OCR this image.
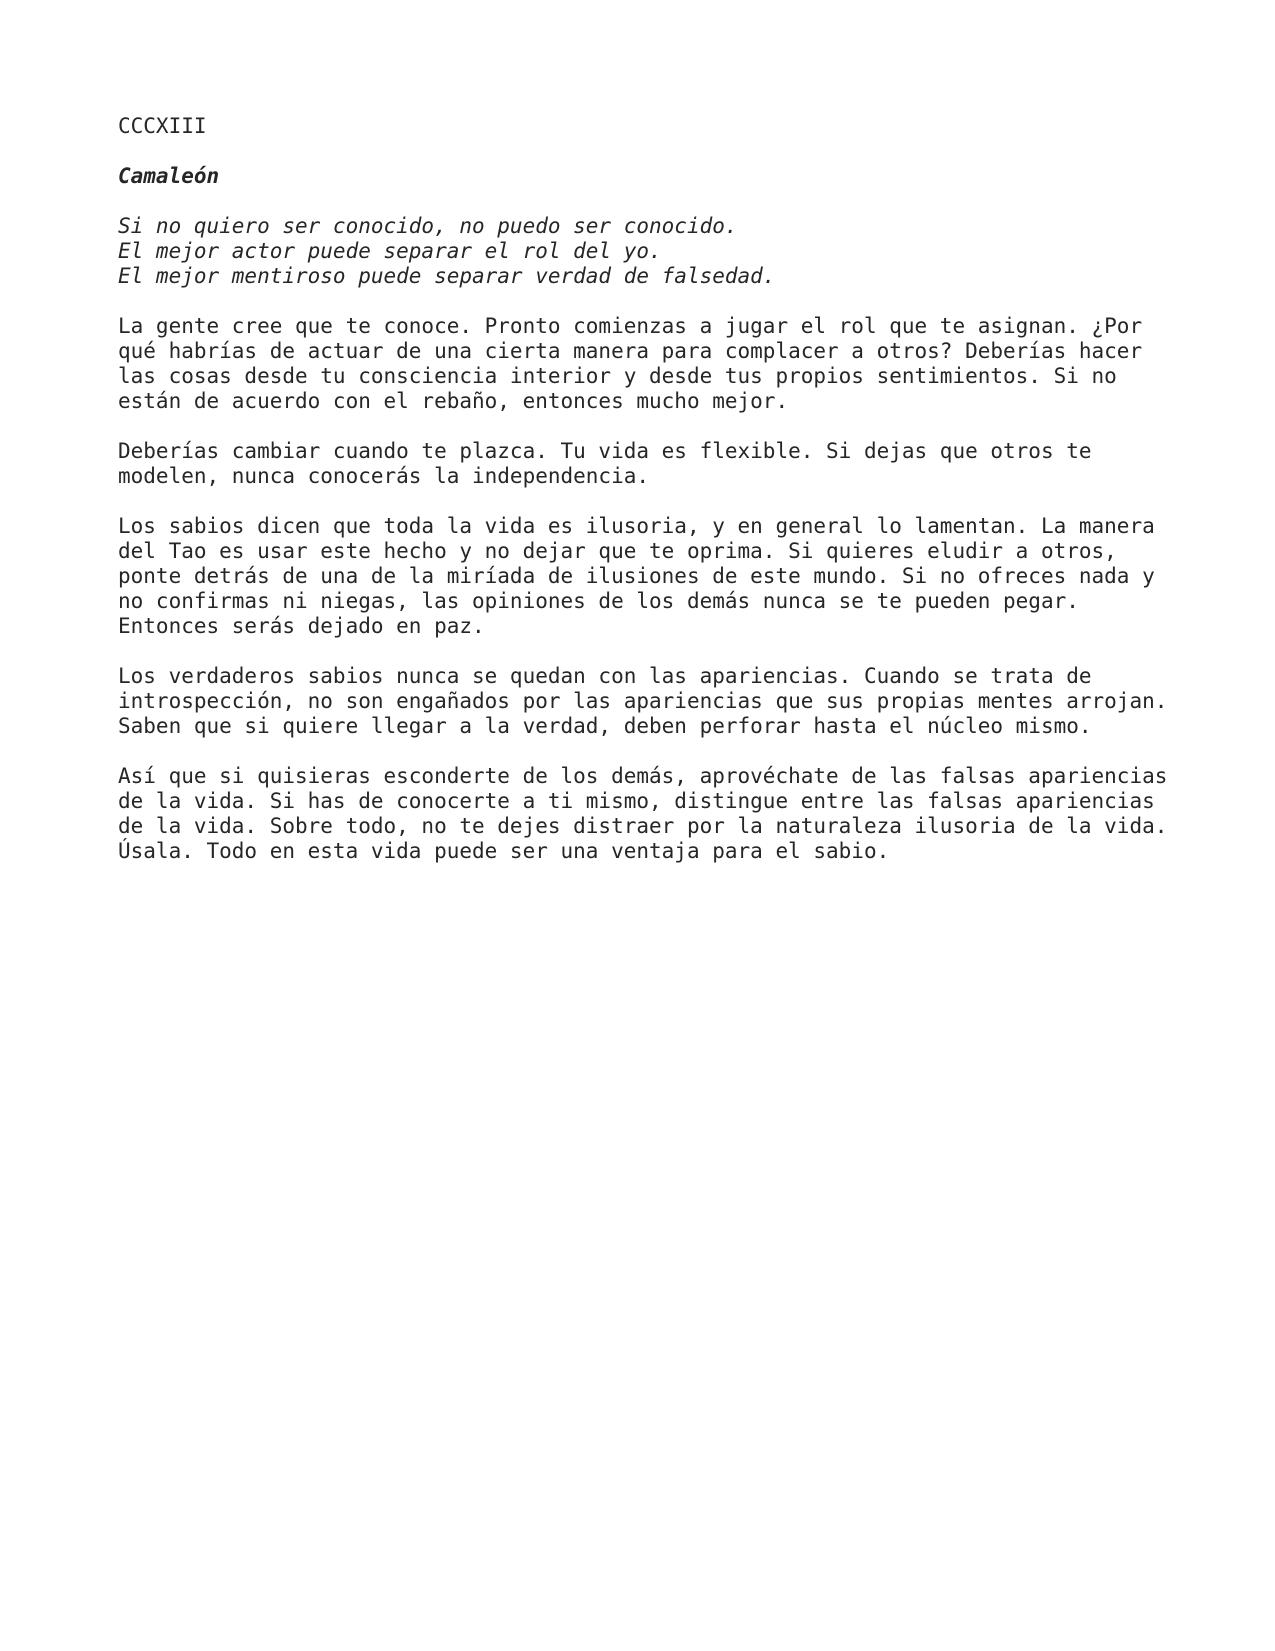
CCCXIII
Camaleón
Si no quiero ser conocido, no puedo ser conocido.
El mejor actor puede separar el rol del yo.
El mejor mentiroso puede separar verdad de falsedad.
La gente cree que te conoce. Pronto comienzas a jugar el rol que te asignan. ¿Por
qué habrías de actuar de una cierta manera para complacer a otros? Deberías hacer
las cosas desde tu consciencia interior y desde tus propios sentimientos. Si no
están de acuerdo con el rebaño, entonces mucho mejor.
Deberías cambiar cuando te plazca. Tu vida es flexible. Si dejas que otros te
modelen, nunca conocerás la independencia.
Los sabios dicen que toda la vida es ilusoria, y en general lo lamentan. La manera
del Tao es usar este hecho y no dejar que te oprima. Si quieres eludir a otros,
ponte detrás de una de la miríada de ilusiones de este mundo. Si no ofreces nada y
no confirmas ni niegas, las opiniones de los demás nunca se te pueden pegar.
Entonces serás dejado en paz.
Los verdaderos sabios nunca se quedan con las apariencias. Cuando se trata de
introspección, no son engañados por las apariencias que sus propias mentes arrojan.
Saben que si quiere llegar a la verdad, deben perforar hasta el núcleo mismo.
Así que si quisieras esconderte de los demás, aprovéchate de las falsas apariencias
de la vida. Si has de conocerte a ti mismo, distingue entre las falsas apariencias
de la vida. Sobre todo, no te dejes distraer por la naturaleza ilusoria de la vida.
Úsala. Todo en esta vida puede ser una ventaja para el sabio.
